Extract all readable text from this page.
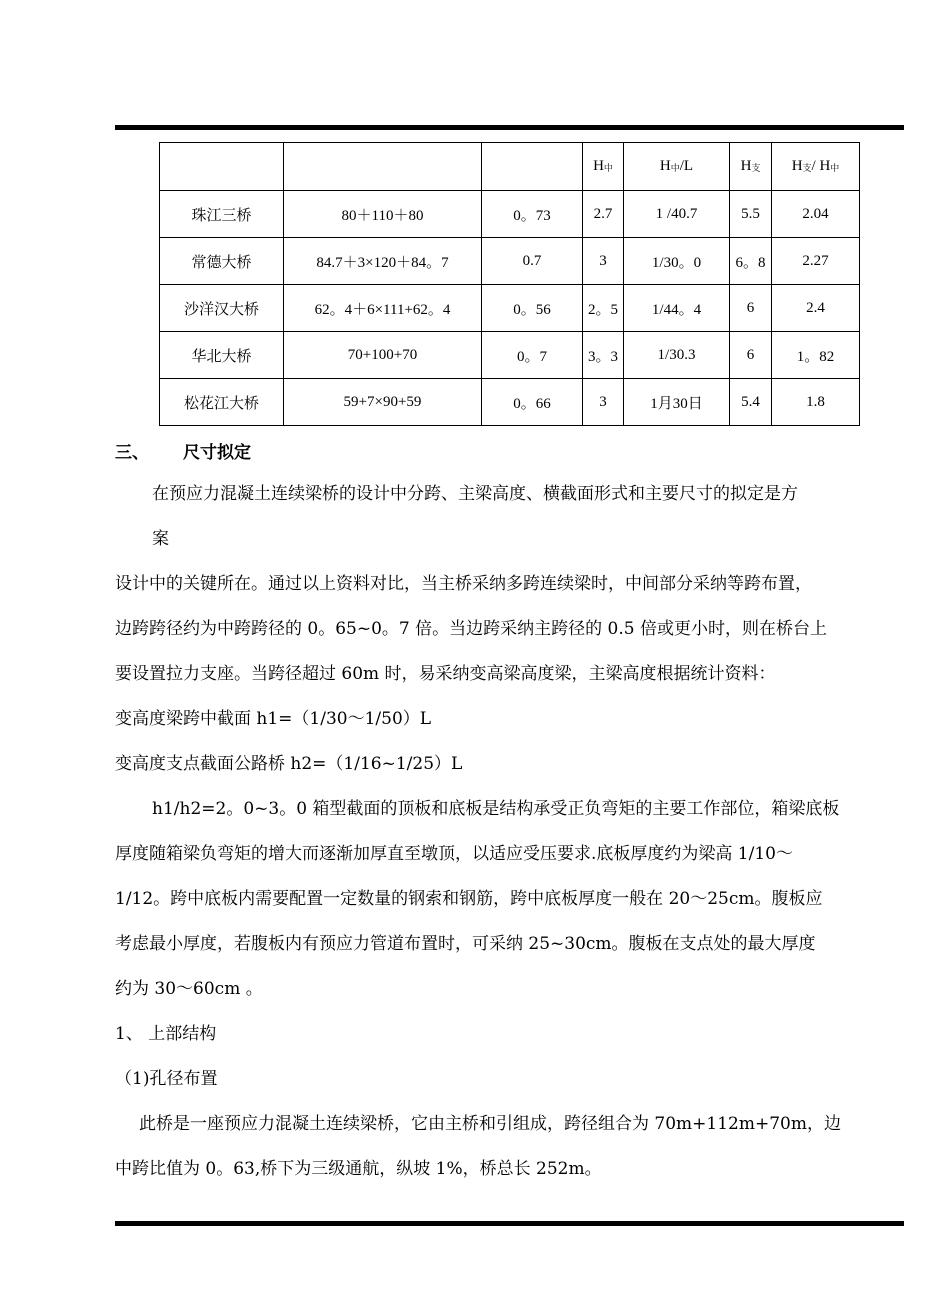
			$H_中$	$H_中/L$	$H_支$	$H_支/$ $H_中$
珠江三桥	80＋110＋80	0。73	2.7	1 /40.7	5.5	2.04
常德大桥	84.7＋3×120＋84。7	0.7	3	1/30。0	6。8	2.27
沙洋汉大桥	62。4＋6×111+62。4	0。56	2。5	1/44。4	6	2.4
华北大桥	70+100+70	0。7	3。3	1/30.3	6	1。82
松花江大桥	59+7×90+59	0。66	3	1月30日	5.4	1.8
三、 尺寸拟定
在预应力混凝土连续梁桥的设计中分跨、主梁高度、横截面形式和主要尺寸的拟定是方
案
设计中的关键所在。通过以上资料对比，当主桥采纳多跨连续梁时，中间部分采纳等跨布置，
边跨跨径约为中跨跨径的 0。65~0。7 倍。当边跨采纳主跨径的 0.5 倍或更小时，则在桥台上
要设置拉力支座。当跨径超过 60m 时，易采纳变高梁高度梁，主梁高度根据统计资料：
变高度梁跨中截面 h1=（1/30～1/50）L
变高度支点截面公路桥 h2=（1/16~1/25）L
h1/h2=2。0~3。0 箱型截面的顶板和底板是结构承受正负弯矩的主要工作部位，箱梁底板
厚度随箱梁负弯矩的增大而逐渐加厚直至墩顶，以适应受压要求.底板厚度约为梁高 1/10～
1/12。跨中底板内需要配置一定数量的钢索和钢筋，跨中底板厚度一般在 20～25cm。腹板应
考虑最小厚度，若腹板内有预应力管道布置时，可采纳 25~30cm。腹板在支点处的最大厚度
约为 30～60cm 。
1、 上部结构
（1)孔径布置
此桥是一座预应力混凝土连续梁桥，它由主桥和引组成，跨径组合为 70m+112m+70m，边
中跨比值为 0。63,桥下为三级通航，纵坡 1%，桥总长 252m。
